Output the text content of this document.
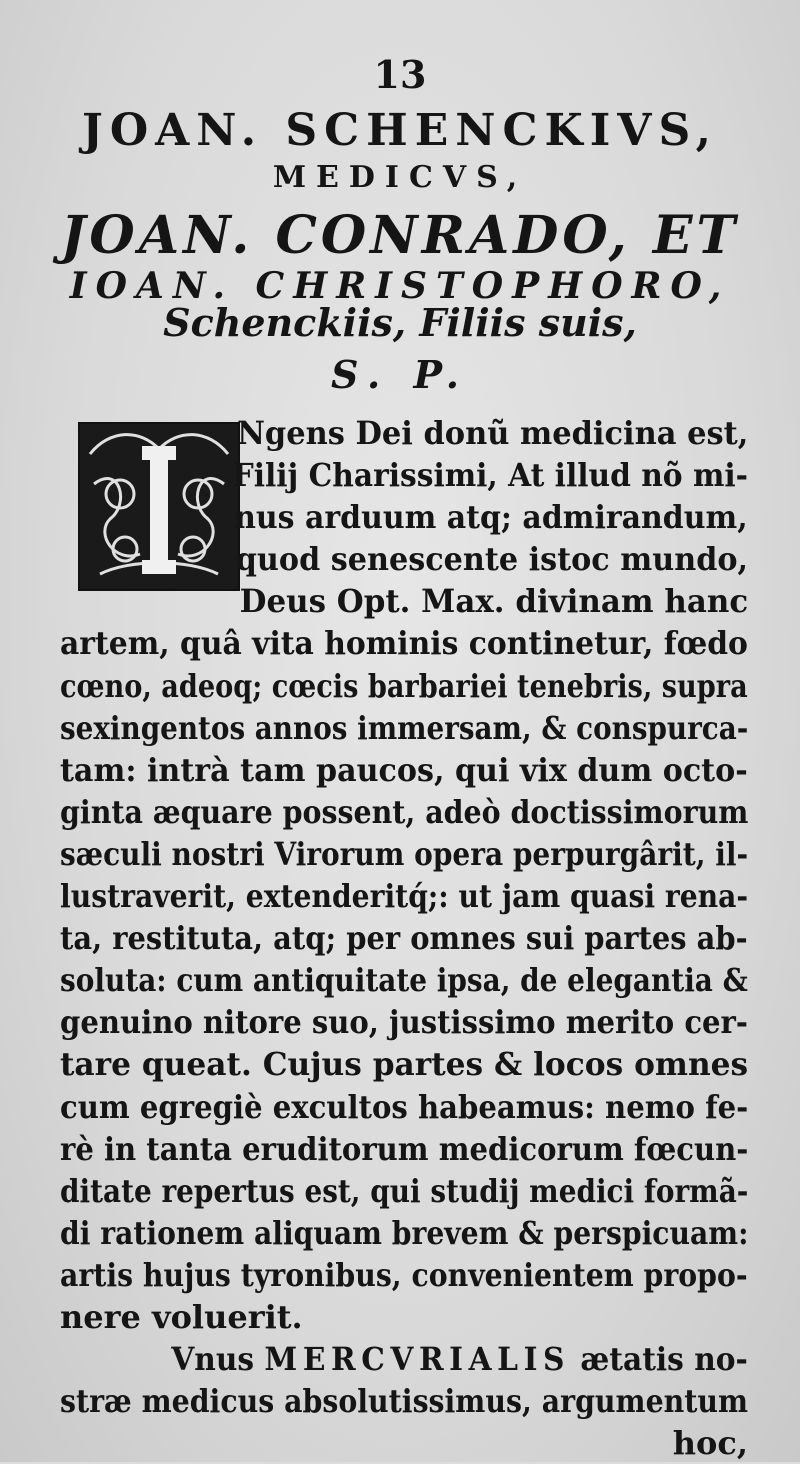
13
JOAN. SCHENCKIVS,
MEDICVS,
JOAN. CONRADO, ET
IOAN. CHRISTOPHORO,
Schenckiis, Filiis suis,
S. P.
Ngens Dei donũ medicina est,
Filij Charissimi, At illud nõ mi-
nus arduum atq; admirandum,
quod senescente istoc mundo,
Deus Opt. Max. divinam hanc
artem, quâ vita hominis continetur, fœdo
cœno, adeoq; cœcis barbariei tenebris, supra
sexingentos annos immersam, & conspurca-
tam: intrà tam paucos, qui vix dum octo-
ginta æquare possent, adeò doctissimorum
sæculi nostri Virorum opera perpurgârit, il-
lustraverit, extenderitq́;: ut jam quasi rena-
ta, restituta, atq; per omnes sui partes ab-
soluta: cum antiquitate ipsa, de elegantia &
genuino nitore suo, justissimo merito cer-
tare queat. Cujus partes & locos omnes
cum egregiè excultos habeamus: nemo fe-
rè in tanta eruditorum medicorum fœcun-
ditate repertus est, qui studij medici formã-
di rationem aliquam brevem & perspicuam:
artis hujus tyronibus, convenientem propo-
nere voluerit.
Vnus MERCVRIALIS ætatis no-
stræ medicus absolutissimus, argumentum
hoc,
